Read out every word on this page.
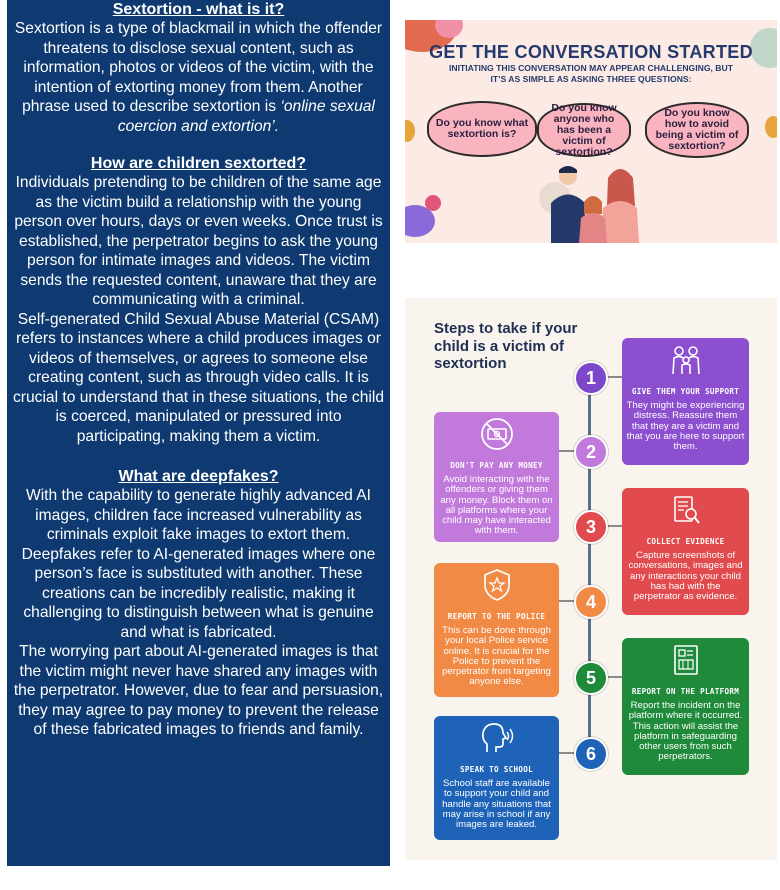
Sextortion - what is it?
Sextortion is a type of blackmail in which the offender threatens to disclose sexual content, such as information, photos or videos of the victim, with the intention of extorting money from them. Another phrase used to describe sextortion is ‘online sexual coercion and extortion’.
How are children sextorted?
Individuals pretending to be children of the same age as the victim build a relationship with the young person over hours, days or even weeks. Once trust is established, the perpetrator begins to ask the young person for intimate images and videos. The victim sends the requested content, unaware that they are communicating with a criminal.
Self-generated Child Sexual Abuse Material (CSAM) refers to instances where a child produces images or videos of themselves, or agrees to someone else creating content, such as through video calls. It is crucial to understand that in these situations, the child is coerced, manipulated or pressured into participating, making them a victim.
What are deepfakes?
With the capability to generate highly advanced AI images, children face increased vulnerability as criminals exploit fake images to extort them.
Deepfakes refer to AI-generated images where one person’s face is substituted with another. These creations can be incredibly realistic, making it challenging to distinguish between what is genuine and what is fabricated.
The worrying part about AI-generated images is that the victim might never have shared any images with the perpetrator. However, due to fear and persuasion, they may agree to pay money to prevent the release of these fabricated images to friends and family.
GET THE CONVERSATION STARTED
INITIATING THIS CONVERSATION MAY APPEAR CHALLENGING, BUT IT’S AS SIMPLE AS ASKING THREE QUESTIONS:
Do you know what sextortion is?
Do you know anyone who has been a victim of sextortion?
Do you know how to avoid being a victim of sextortion?
Steps to take if your child is a victim of sextortion
1
2
3
4
5
6
GIVE THEM YOUR SUPPORT
They might be experiencing distress. Reassure them that they are a victim and that you are here to support them.
DON'T PAY ANY MONEY
Avoid interacting with the offenders or giving them any money. Block them on all platforms where your child may have interacted with them.
COLLECT EVIDENCE
Capture screenshots of conversations, images and any interactions your child has had with the perpetrator as evidence.
REPORT TO THE POLICE
This can be done through your local Police service online. It is crucial for the Police to prevent the perpetrator from targeting anyone else.
REPORT ON THE PLATFORM
Report the incident on the platform where it occurred. This action will assist the platform in safeguarding other users from such perpetrators.
SPEAK TO SCHOOL
School staff are available to support your child and handle any situations that may arise in school if any images are leaked.
